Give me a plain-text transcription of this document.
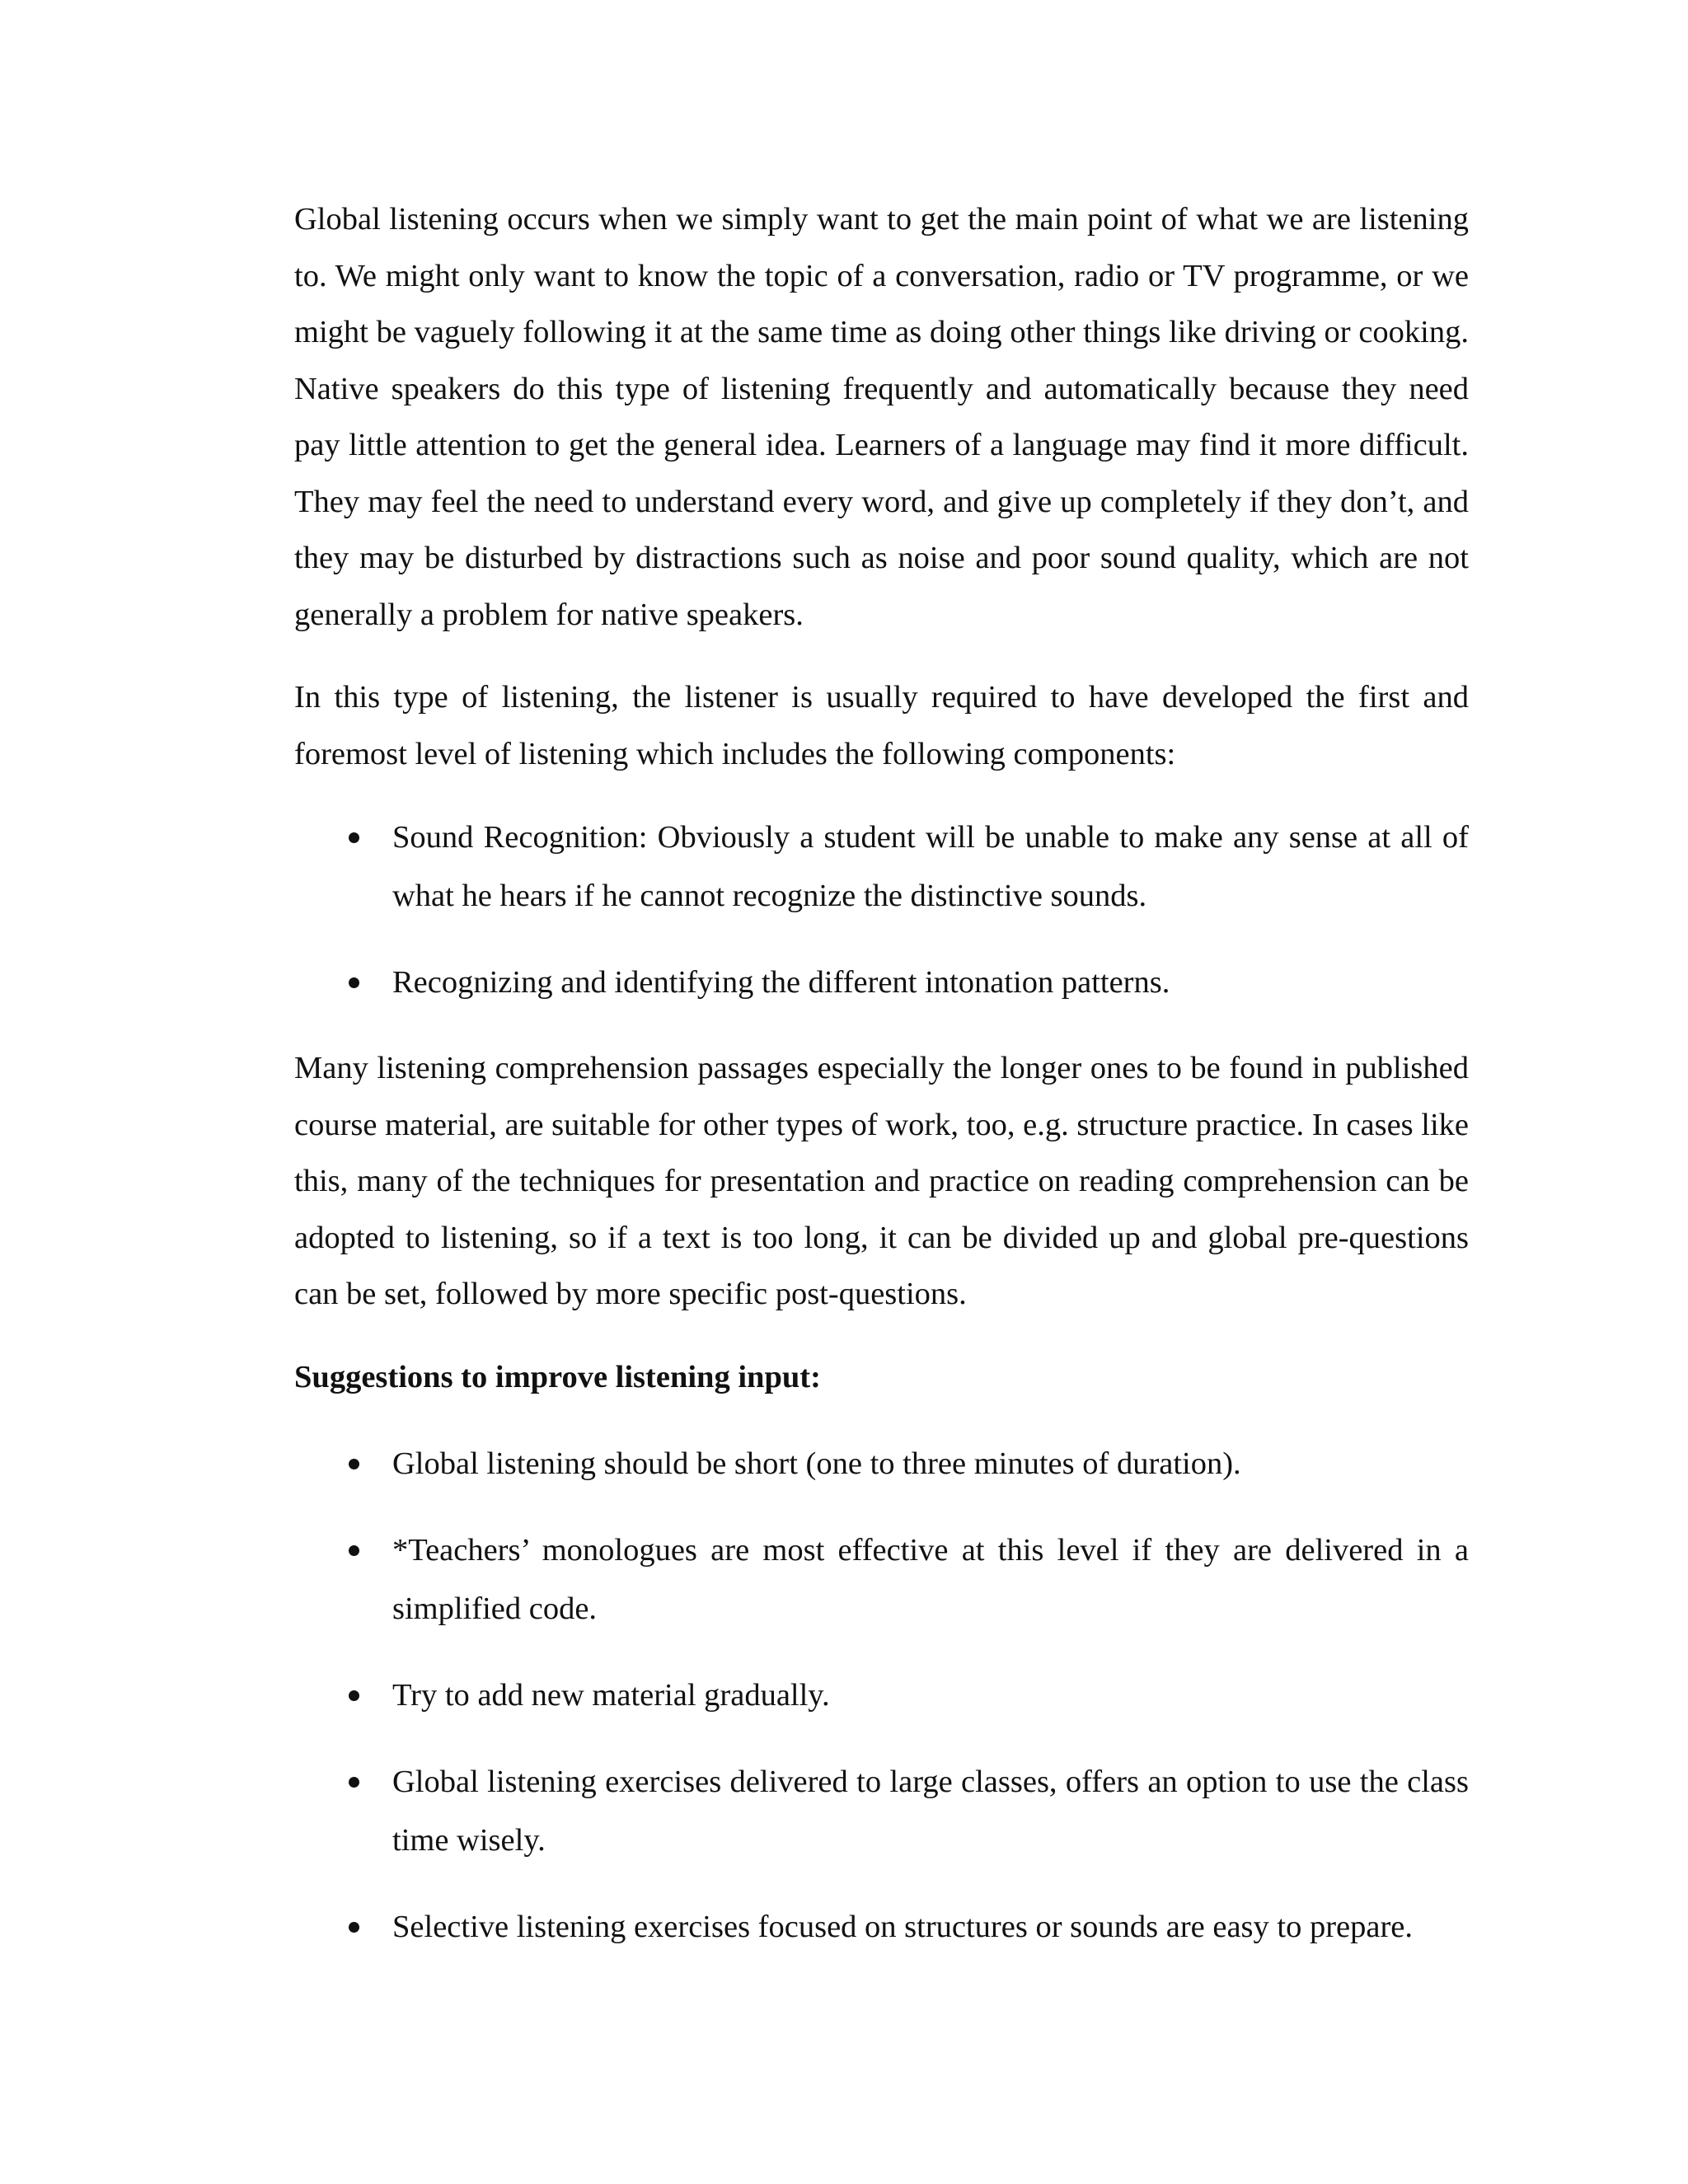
Global listening occurs when we simply want to get the main point of what we are listening to. We might only want to know the topic of a conversation, radio or TV programme, or we might be vaguely following it at the same time as doing other things like driving or cooking. Native speakers do this type of listening frequently and automatically because they need pay little attention to get the general idea. Learners of a language may find it more difficult. They may feel the need to understand every word, and give up completely if they don’t, and they may be disturbed by distractions such as noise and poor sound quality, which are not generally a problem for native speakers.

In this type of listening, the listener is usually required to have developed the first and foremost level of listening which includes the following components:

Sound Recognition: Obviously a student will be unable to make any sense at all of what he hears if he cannot recognize the distinctive sounds.
Recognizing and identifying the different intonation patterns.

Many listening comprehension passages especially the longer ones to be found in published course material, are suitable for other types of work, too, e.g. structure practice. In cases like this, many of the techniques for presentation and practice on reading comprehension can be adopted to listening, so if a text is too long, it can be divided up and global pre-questions can be set, followed by more specific post-questions.

Suggestions to improve listening input:

Global listening should be short (one to three minutes of duration).
*Teachers’ monologues are most effective at this level if they are delivered in a simplified code.
Try to add new material gradually.
Global listening exercises delivered to large classes, offers an option to use the class time wisely.
Selective listening exercises focused on structures or sounds are easy to prepare.
